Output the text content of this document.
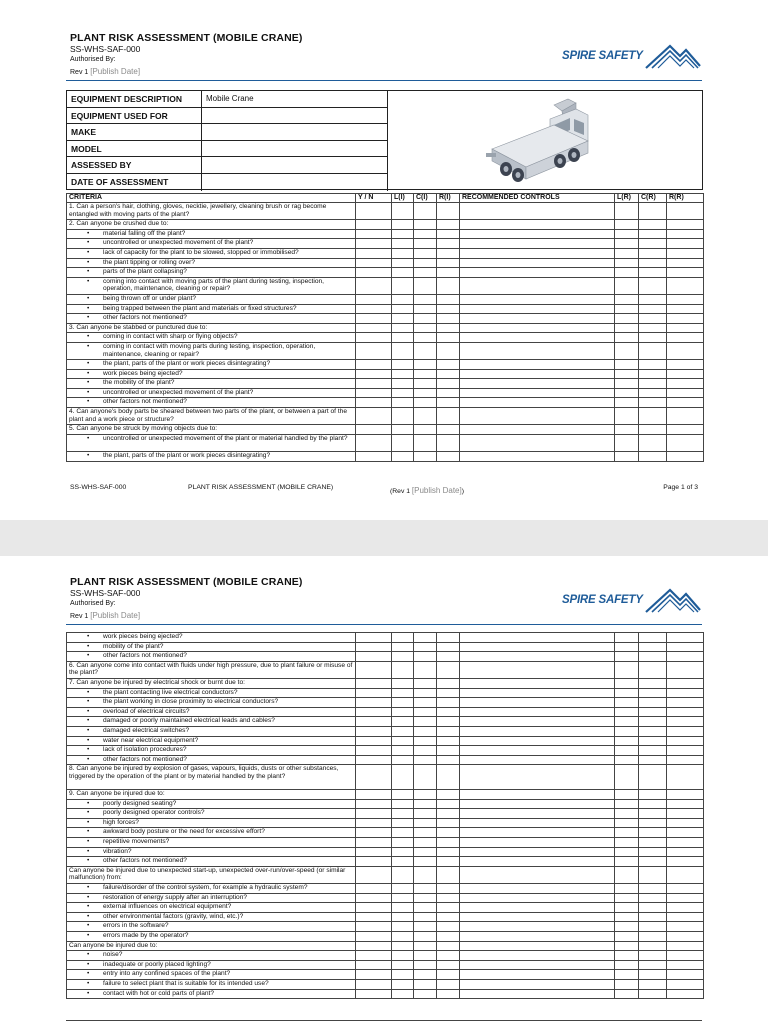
PLANT RISK ASSESSMENT (MOBILE CRANE)
SS-WHS-SAF-000
Authorised By:
Rev 1 [Publish Date]
SPIRE SAFETY
EQUIPMENT DESCRIPTION	Mobile Crane
EQUIPMENT USED FOR
MAKE
MODEL
ASSESSED BY
DATE OF ASSESSMENT
CRITERIA	Y / N	L(I)	C(I)	R(I)	RECOMMENDED CONTROLS	L(R)	C(R)	R(R)
1. Can a person's hair, clothing, gloves, necktie, jewellery, cleaning brush or rag become entangled with moving parts of the plant?								
2. Can anyone be crushed due to:								
• material falling off the plant?								
• uncontrolled or unexpected movement of the plant?								
• lack of capacity for the plant to be slowed, stopped or immobilised?								
• the plant tipping or rolling over?								
• parts of the plant collapsing?								
• coming into contact with moving parts of the plant during testing, inspection, operation, maintenance, cleaning or repair?								
• being thrown off or under plant?								
• being trapped between the plant and materials or fixed structures?								
• other factors not mentioned?								
3. Can anyone be stabbed or punctured due to:								
• coming in contact with sharp or flying objects?								
• coming in contact with moving parts during testing, inspection, operation, maintenance, cleaning or repair?								
• the plant, parts of the plant or work pieces disintegrating?								
• work pieces being ejected?								
• the mobility of the plant?								
• uncontrolled or unexpected movement of the plant?								
• other factors not mentioned?								
4. Can anyone's body parts be sheared between two parts of the plant, or between a part of the plant and a work piece or structure?								
5. Can anyone be struck by moving objects due to:								
• uncontrolled or unexpected movement of the plant or material handled by the plant?								
• the plant, parts of the plant or work pieces disintegrating?								
SS-WHS-SAF-000	PLANT RISK ASSESSMENT (MOBILE CRANE)
(Rev 1 [Publish Date])
Page 1 of 3
PLANT RISK ASSESSMENT (MOBILE CRANE)
SS-WHS-SAF-000
Authorised By:
Rev 1 [Publish Date]
SPIRE SAFETY
• work pieces being ejected?								
• mobility of the plant?								
• other factors not mentioned?								
6. Can anyone come into contact with fluids under high pressure, due to plant failure or misuse of the plant?								
7. Can anyone be injured by electrical shock or burnt due to:								
• the plant contacting live electrical conductors?								
• the plant working in close proximity to electrical conductors?								
• overload of electrical circuits?								
• damaged or poorly maintained electrical leads and cables?								
• damaged electrical switches?								
• water near electrical equipment?								
• lack of isolation procedures?								
• other factors not mentioned?								
8. Can anyone be injured by explosion of gases, vapours, liquids, dusts or other substances, triggered by the operation of the plant or by material handled by the plant?								
9. Can anyone be injured due to:								
• poorly designed seating?								
• poorly designed operator controls?								
• high forces?								
• awkward body posture or the need for excessive effort?								
• repetitive movements?								
• vibration?								
• other factors not mentioned?								
Can anyone be injured due to unexpected start-up, unexpected over-run/over-speed (or similar malfunction) from:								
• failure/disorder of the control system, for example a hydraulic system?								
• restoration of energy supply after an interruption?								
• external influences on electrical equipment?								
• other environmental factors (gravity, wind, etc.)?								
• errors in the software?								
• errors made by the operator?								
Can anyone be injured due to:								
• noise?								
• inadequate or poorly placed lighting?								
• entry into any confined spaces of the plant?								
• failure to select plant that is suitable for its intended use?								
• contact with hot or cold parts of plant?								
